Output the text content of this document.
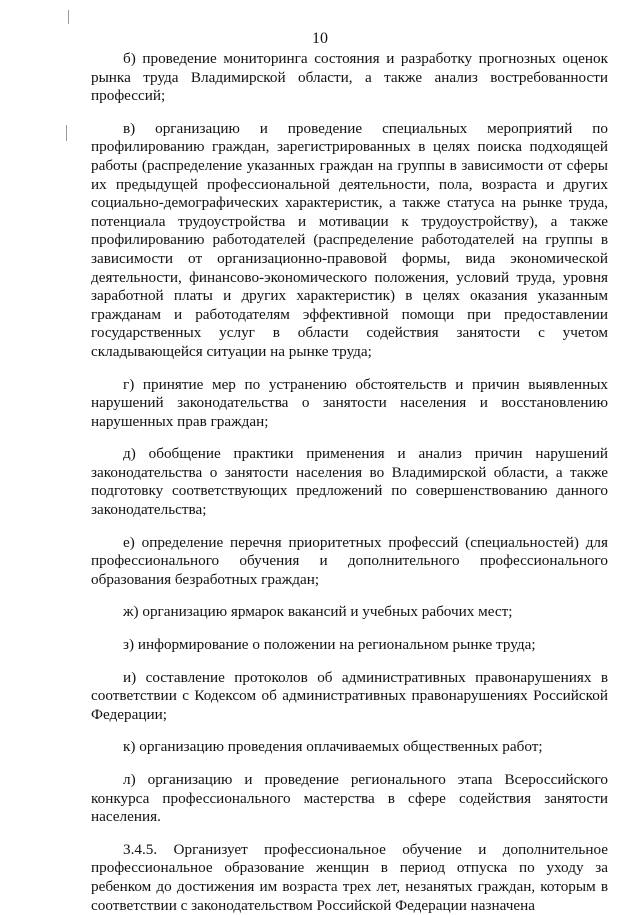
10

б) проведение мониторинга состояния и разработку прогнозных оценок рынка труда Владимирской области, а также анализ востребованности профессий;

в) организацию и проведение специальных мероприятий по профилированию граждан, зарегистрированных в целях поиска подходящей работы (распределение указанных граждан на группы в зависимости от сферы их предыдущей профессиональной деятельности, пола, возраста и других социально-демографических характеристик, а также статуса на рынке труда, потенциала трудоустройства и мотивации к трудоустройству), а также профилированию работодателей (распределение работодателей на группы в зависимости от организационно-правовой формы, вида экономической деятельности, финансово-экономического положения, условий труда, уровня заработной платы и других характеристик) в целях оказания указанным гражданам и работодателям эффективной помощи при предоставлении государственных услуг в области содействия занятости с учетом складывающейся ситуации на рынке труда;

г) принятие мер по устранению обстоятельств и причин выявленных нарушений законодательства о занятости населения и восстановлению нарушенных прав граждан;

д) обобщение практики применения и анализ причин нарушений законодательства о занятости населения во Владимирской области, а также подготовку соответствующих предложений по совершенствованию данного законодательства;

е) определение перечня приоритетных профессий (специальностей) для профессионального обучения и дополнительного профессионального образования безработных граждан;

ж) организацию ярмарок вакансий и учебных рабочих мест;

з) информирование о положении на региональном рынке труда;

и) составление протоколов об административных правонарушениях в соответствии с Кодексом об административных правонарушениях Российской Федерации;

к) организацию проведения оплачиваемых общественных работ;

л) организацию и проведение регионального этапа Всероссийского конкурса профессионального мастерства в сфере содействия занятости населения.

3.4.5. Организует профессиональное обучение и дополнительное профессиональное образование женщин в период отпуска по уходу за ребенком до достижения им возраста трех лет, незанятых граждан, которым в соответствии с законодательством Российской Федерации назначена
